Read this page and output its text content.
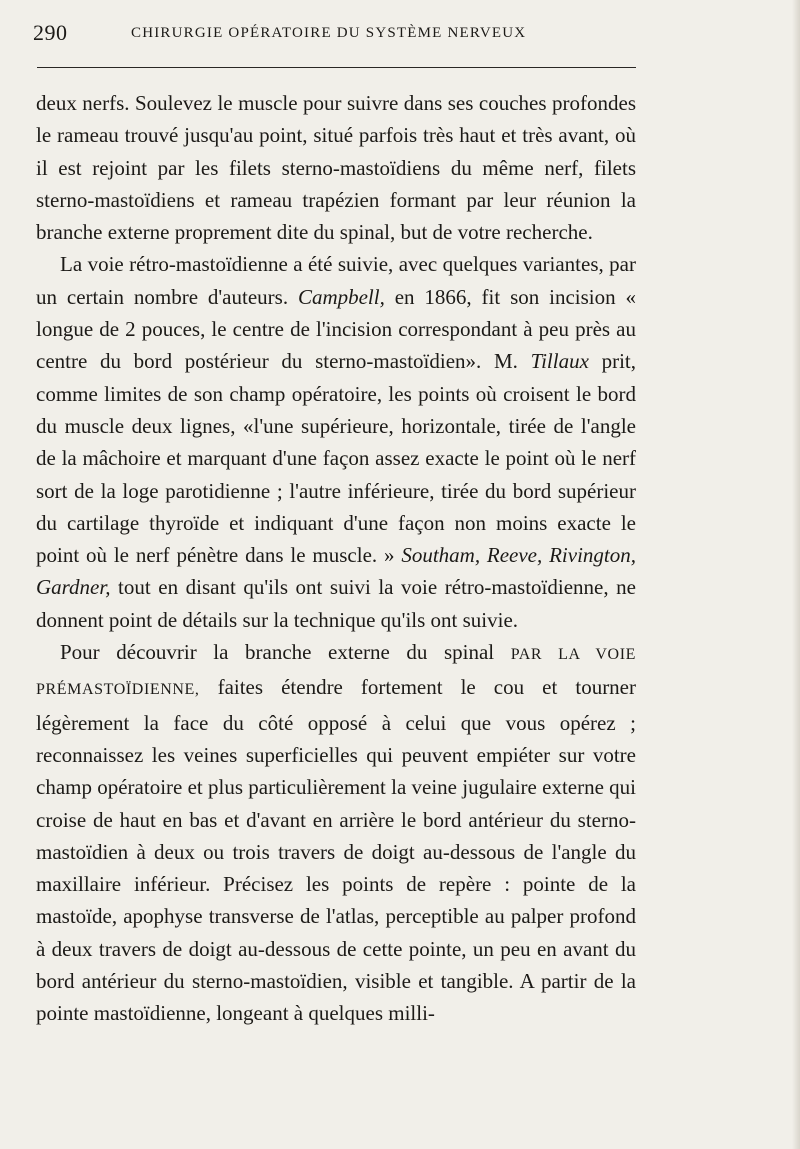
290	CHIRURGIE OPÉRATOIRE DU SYSTÈME NERVEUX

deux nerfs. Soulevez le muscle pour suivre dans ses couches profondes le rameau trouvé jusqu'au point, situé parfois très haut et très avant, où il est rejoint par les filets sterno-mastoïdiens du même nerf, filets sterno-mastoïdiens et rameau trapézien formant par leur réunion la branche externe proprement dite du spinal, but de votre recherche.

La voie rétro-mastoïdienne a été suivie, avec quelques variantes, par un certain nombre d'auteurs. Campbell, en 1866, fit son incision « longue de 2 pouces, le centre de l'incision correspondant à peu près au centre du bord postérieur du sterno-mastoïdien». M. Tillaux prit, comme limites de son champ opératoire, les points où croisent le bord du muscle deux lignes, «l'une supérieure, horizontale, tirée de l'angle de la mâchoire et marquant d'une façon assez exacte le point où le nerf sort de la loge parotidienne ; l'autre inférieure, tirée du bord supérieur du cartilage thyroïde et indiquant d'une façon non moins exacte le point où le nerf pénètre dans le muscle. » Southam, Reeve, Rivington, Gardner, tout en disant qu'ils ont suivi la voie rétro-mastoïdienne, ne donnent point de détails sur la technique qu'ils ont suivie.

Pour découvrir la branche externe du spinal PAR LA VOIE PRÉMASTOÏDIENNE, faites étendre fortement le cou et tourner légèrement la face du côté opposé à celui que vous opérez ; reconnaissez les veines superficielles qui peuvent empiéter sur votre champ opératoire et plus particulièrement la veine jugulaire externe qui croise de haut en bas et d'avant en arrière le bord antérieur du sterno-mastoïdien à deux ou trois travers de doigt au-dessous de l'angle du maxillaire inférieur. Précisez les points de repère : pointe de la mastoïde, apophyse transverse de l'atlas, perceptible au palper profond à deux travers de doigt au-dessous de cette pointe, un peu en avant du bord antérieur du sterno-mastoïdien, visible et tangible. A partir de la pointe mastoïdienne, longeant à quelques milli-
